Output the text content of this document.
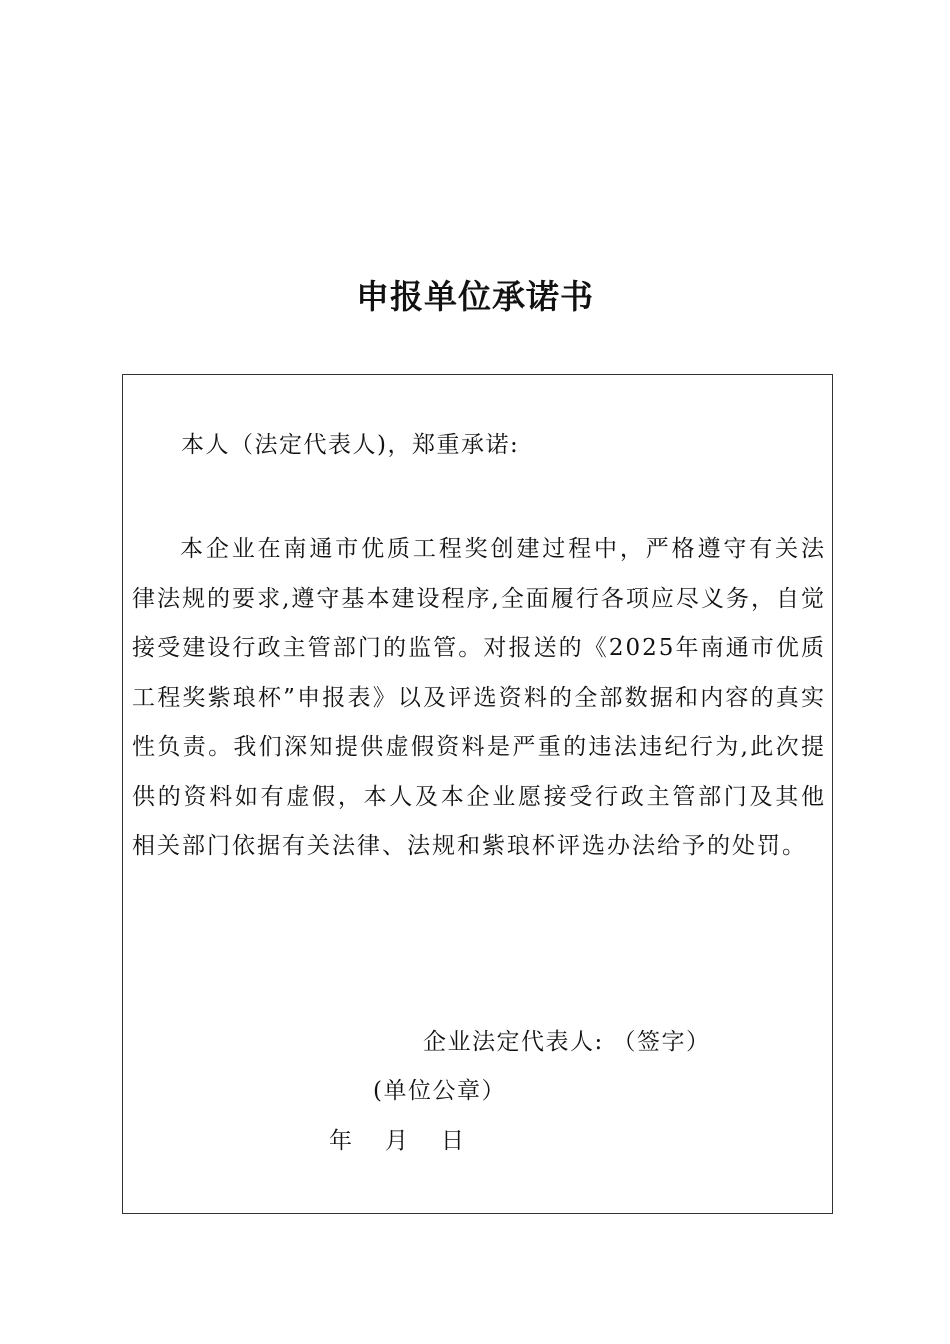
申报单位承诺书
本人（法定代表人)，郑重承诺:
本企业在南通市优质工程奖创建过程中，严格遵守有关法律法规的要求,遵守基本建设程序,全面履行各项应尽义务，自觉接受建设行政主管部门的监管。对报送的《2025年南通市优质工程奖紫琅杯”申报表》以及评选资料的全部数据和内容的真实性负责。我们深知提供虚假资料是严重的违法违纪行为,此次提供的资料如有虚假，本人及本企业愿接受行政主管部门及其他相关部门依据有关法律、法规和紫琅杯评选办法给予的处罚。
企业法定代表人: （签字）
(单位公章）
年 月 日
